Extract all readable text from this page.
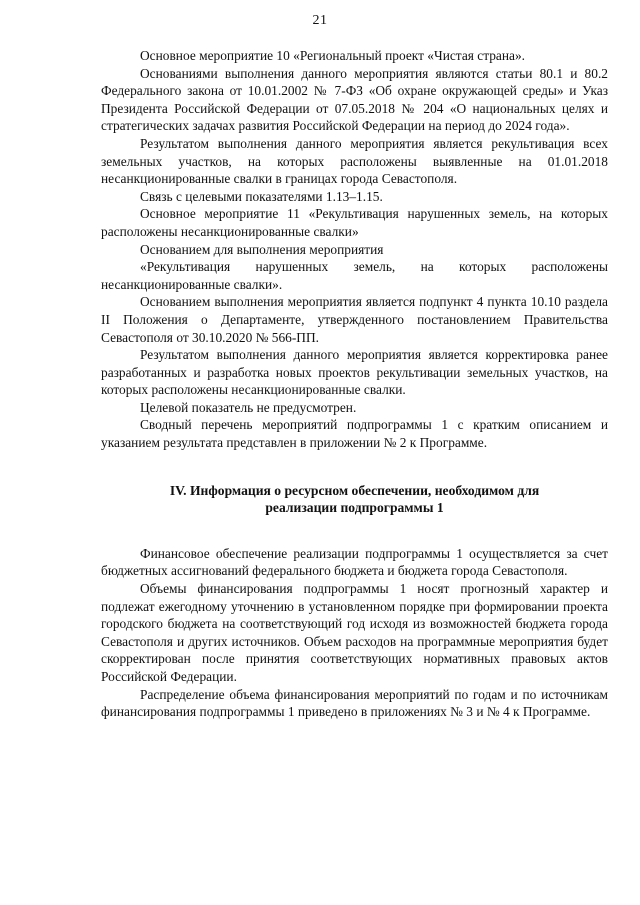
21

Основное мероприятие 10 «Региональный проект «Чистая страна».

Основаниями выполнения данного мероприятия являются статьи 80.1 и 80.2 Федерального закона от 10.01.2002 № 7-ФЗ «Об охране окружающей среды» и Указ Президента Российской Федерации от 07.05.2018 № 204 «О национальных целях и стратегических задачах развития Российской Федерации на период до 2024 года».

Результатом выполнения данного мероприятия является рекультивация всех земельных участков, на которых расположены выявленные на 01.01.2018 несанкционированные свалки в границах города Севастополя.

Связь с целевыми показателями 1.13–1.15.

Основное мероприятие 11 «Рекультивация нарушенных земель, на которых расположены несанкционированные свалки»

Основанием для выполнения мероприятия

«Рекультивация нарушенных земель, на которых расположены несанкционированные свалки».

Основанием выполнения мероприятия является подпункт 4 пункта 10.10 раздела II Положения о Департаменте, утвержденного постановлением Правительства Севастополя от 30.10.2020 № 566-ПП.

Результатом выполнения данного мероприятия является корректировка ранее разработанных и разработка новых проектов рекультивации земельных участков, на которых расположены несанкционированные свалки.

Целевой показатель не предусмотрен.

Сводный перечень мероприятий подпрограммы 1 с кратким описанием и указанием результата представлен в приложении № 2 к Программе.

IV. Информация о ресурсном обеспечении, необходимом для реализации подпрограммы 1

Финансовое обеспечение реализации подпрограммы 1 осуществляется за счет бюджетных ассигнований федерального бюджета и бюджета города Севастополя.

Объемы финансирования подпрограммы 1 носят прогнозный характер и подлежат ежегодному уточнению в установленном порядке при формировании проекта городского бюджета на соответствующий год исходя из возможностей бюджета города Севастополя и других источников. Объем расходов на программные мероприятия будет скорректирован после принятия соответствующих нормативных правовых актов Российской Федерации.

Распределение объема финансирования мероприятий по годам и по источникам финансирования подпрограммы 1 приведено в приложениях № 3 и № 4 к Программе.
